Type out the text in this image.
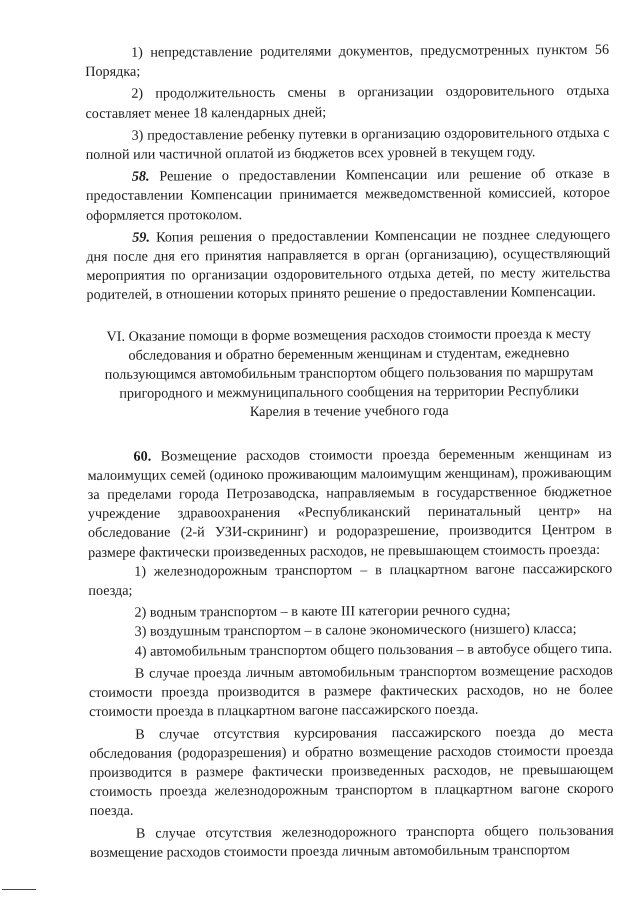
1) непредставление родителями документов, предусмотренных пунктом 56 Порядка;

2) продолжительность смены в организации оздоровительного отдыха составляет менее 18 календарных дней;

3) предоставление ребенку путевки в организацию оздоровительного отдыха с полной или частичной оплатой из бюджетов всех уровней в текущем году.

58. Решение о предоставлении Компенсации или решение об отказе в предоставлении Компенсации принимается межведомственной комиссией, которое оформляется протоколом.

59. Копия решения о предоставлении Компенсации не позднее следующего дня после дня его принятия направляется в орган (организацию), осуществляющий мероприятия по организации оздоровительного отдыха детей, по месту жительства родителей, в отношении которых принято решение о предоставлении Компенсации.

VI. Оказание помощи в форме возмещения расходов стоимости проезда к месту обследования и обратно беременным женщинам и студентам, ежедневно пользующимся автомобильным транспортом общего пользования по маршрутам пригородного и межмуниципального сообщения на территории Республики Карелия в течение учебного года

60. Возмещение расходов стоимости проезда беременным женщинам из малоимущих семей (одиноко проживающим малоимущим женщинам), проживающим за пределами города Петрозаводска, направляемым в государственное бюджетное учреждение здравоохранения «Республиканский перинатальный центр» на обследование (2-й УЗИ-скрининг) и родоразрешение, производится Центром в размере фактически произведенных расходов, не превышающем стоимость проезда:

1) железнодорожным транспортом – в плацкартном вагоне пассажирского поезда;

2) водным транспортом – в каюте III категории речного судна;

3) воздушным транспортом – в салоне экономического (низшего) класса;

4) автомобильным транспортом общего пользования – в автобусе общего типа.

В случае проезда личным автомобильным транспортом возмещение расходов стоимости проезда производится в размере фактических расходов, но не более стоимости проезда в плацкартном вагоне пассажирского поезда.

В случае отсутствия курсирования пассажирского поезда до места обследования (родоразрешения) и обратно возмещение расходов стоимости проезда производится в размере фактически произведенных расходов, не превышающем стоимость проезда железнодорожным транспортом в плацкартном вагоне скорого поезда.

В случае отсутствия железнодорожного транспорта общего пользования возмещение расходов стоимости проезда личным автомобильным транспортом
